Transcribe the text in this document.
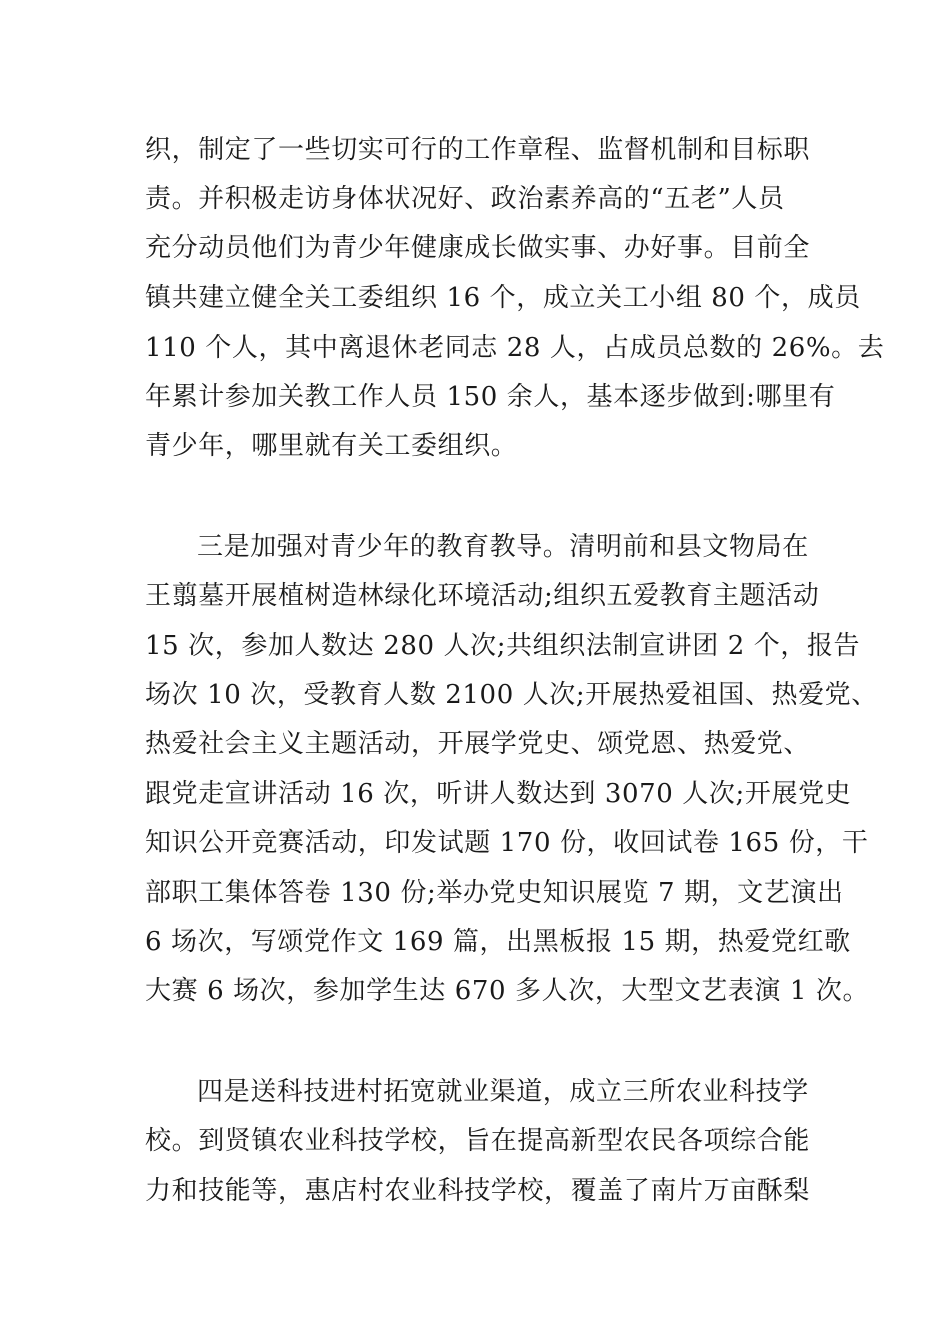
织，制定了一些切实可行的工作章程、监督机制和目标职
责。并积极走访身体状况好、政治素养高的“五老”人员
充分动员他们为青少年健康成长做实事、办好事。目前全
镇共建立健全关工委组织 16 个，成立关工小组 80 个，成员
110 个人，其中离退休老同志 28 人，占成员总数的 26%。去
年累计参加关教工作人员 150 余人，基本逐步做到:哪里有
青少年，哪里就有关工委组织。
三是加强对青少年的教育教导。清明前和县文物局在
王翦墓开展植树造林绿化环境活动;组织五爱教育主题活动
15 次，参加人数达 280 人次;共组织法制宣讲团 2 个，报告
场次 10 次，受教育人数 2100 人次;开展热爱祖国、热爱党、
热爱社会主义主题活动，开展学党史、颂党恩、热爱党、
跟党走宣讲活动 16 次，听讲人数达到 3070 人次;开展党史
知识公开竞赛活动，印发试题 170 份，收回试卷 165 份，干
部职工集体答卷 130 份;举办党史知识展览 7 期，文艺演出
6 场次，写颂党作文 169 篇，出黑板报 15 期，热爱党红歌
大赛 6 场次，参加学生达 670 多人次，大型文艺表演 1 次。
四是送科技进村拓宽就业渠道，成立三所农业科技学
校。到贤镇农业科技学校，旨在提高新型农民各项综合能
力和技能等，惠店村农业科技学校，覆盖了南片万亩酥梨
